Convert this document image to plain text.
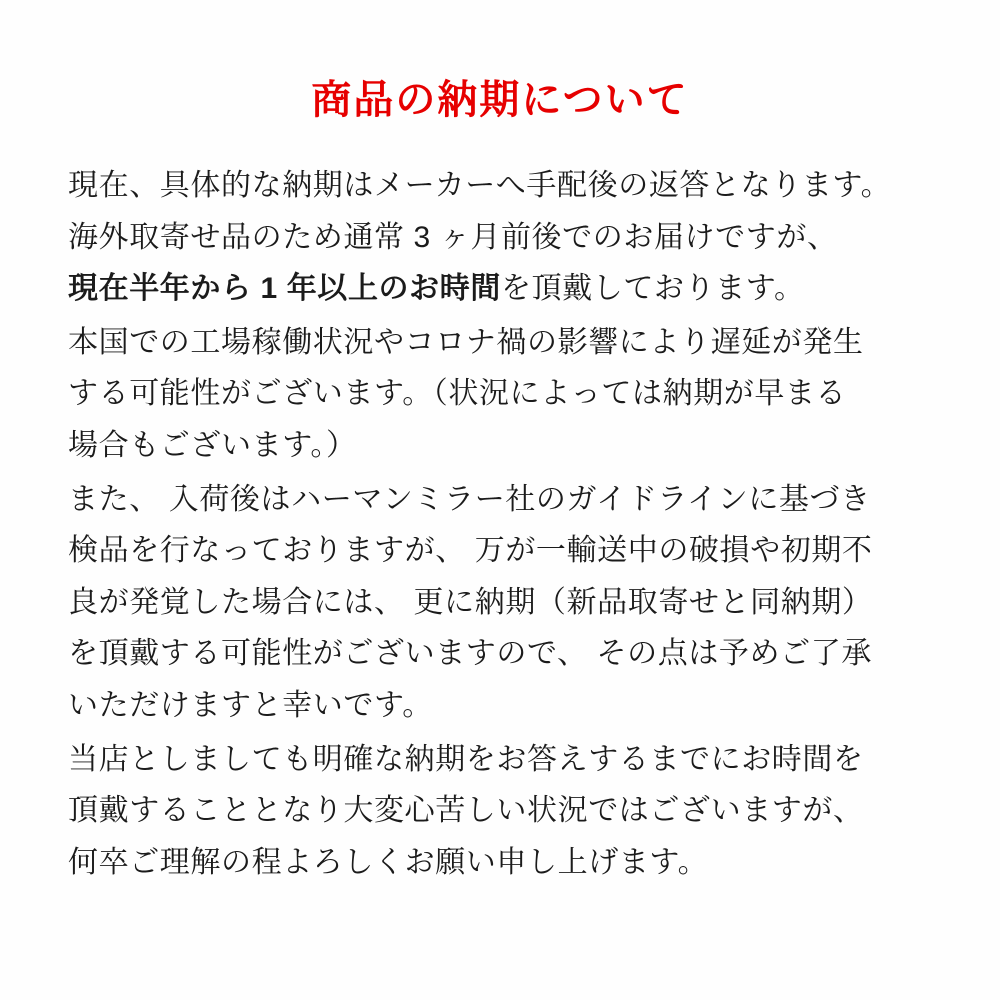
商品の納期について
現在、具体的な納期はメーカーへ手配後の返答となります。
海外取寄せ品のため通常 3 ヶ月前後でのお届けですが、
現在半年から 1 年以上のお時間を頂戴しております。
本国での工場稼働状況やコロナ禍の影響により遅延が発生
する可能性がございます。（状況によっては納期が早まる
場合もございます。）
また、 入荷後はハーマンミラー社のガイドラインに基づき
検品を行なっておりますが、 万が一輸送中の破損や初期不
良が発覚した場合には、 更に納期（新品取寄せと同納期）
を頂戴する可能性がございますので、 その点は予めご了承
いただけますと幸いです。
当店としましても明確な納期をお答えするまでにお時間を
頂戴することとなり大変心苦しい状況ではございますが、
何卒ご理解の程よろしくお願い申し上げます。
